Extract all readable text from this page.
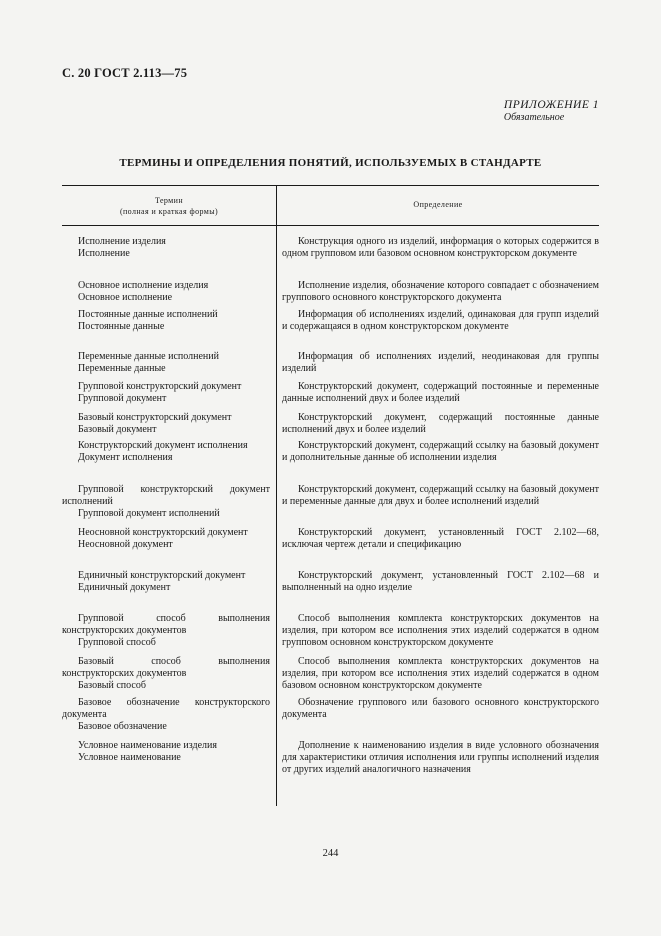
С. 20 ГОСТ 2.113—75
ПРИЛОЖЕНИЕ 1
Обязательное
ТЕРМИНЫ И ОПРЕДЕЛЕНИЯ ПОНЯТИЙ, ИСПОЛЬЗУЕМЫХ В СТАНДАРТЕ
Термин
(полная и краткая формы)
Определение
Исполнение изделия
Исполнение
Конструкция одного из изделий, информация о которых содержится в одном групповом или базовом основном конструкторском документе
Основное исполнение изделия
Основное исполнение
Исполнение изделия, обозначение которого совпадает с обозначением группового основного конструкторского документа
Постоянные данные исполнений
Постоянные данные
Информация об исполнениях изделий, одинаковая для групп изделий и содержащаяся в одном конструкторском документе
Переменные данные исполнений
Переменные данные
Информация об исполнениях изделий, неодинаковая для группы изделий
Групповой конструкторский документ
Групповой документ
Конструкторский документ, содержащий постоянные и переменные данные исполнений двух и более изделий
Базовый конструкторский документ
Базовый документ
Конструкторский документ, содержащий постоянные данные исполнений двух и более изделий
Конструкторский документ исполнения
Документ исполнения
Конструкторский документ, содержащий ссылку на базовый документ и дополнительные данные об исполнении изделия
Групповой конструкторский документ исполнений
Групповой документ исполнений
Конструкторский документ, содержащий ссылку на базовый документ и переменные данные для двух и более исполнений изделий
Неосновной конструкторский документ
Неосновной документ
Конструкторский документ, установленный ГОСТ 2.102—68, исключая чертеж детали и спецификацию
Единичный конструкторский документ
Единичный документ
Конструкторский документ, установленный ГОСТ 2.102—68 и выполненный на одно изделие
Групповой способ выполнения конструкторских документов
Групповой способ
Способ выполнения комплекта конструкторских документов на изделия, при котором все исполнения этих изделий содержатся в одном групповом основном конструкторском документе
Базовый способ выполнения конструкторских документов
Базовый способ
Способ выполнения комплекта конструкторских документов на изделия, при котором все исполнения этих изделий содержатся в одном базовом основном конструкторском документе
Базовое обозначение конструкторского документа
Базовое обозначение
Обозначение группового или базового основного конструкторского документа
Условное наименование изделия
Условное наименование
Дополнение к наименованию изделия в виде условного обозначения для характеристики отличия исполнения или группы исполнений изделия от других изделий аналогичного назначения
244
